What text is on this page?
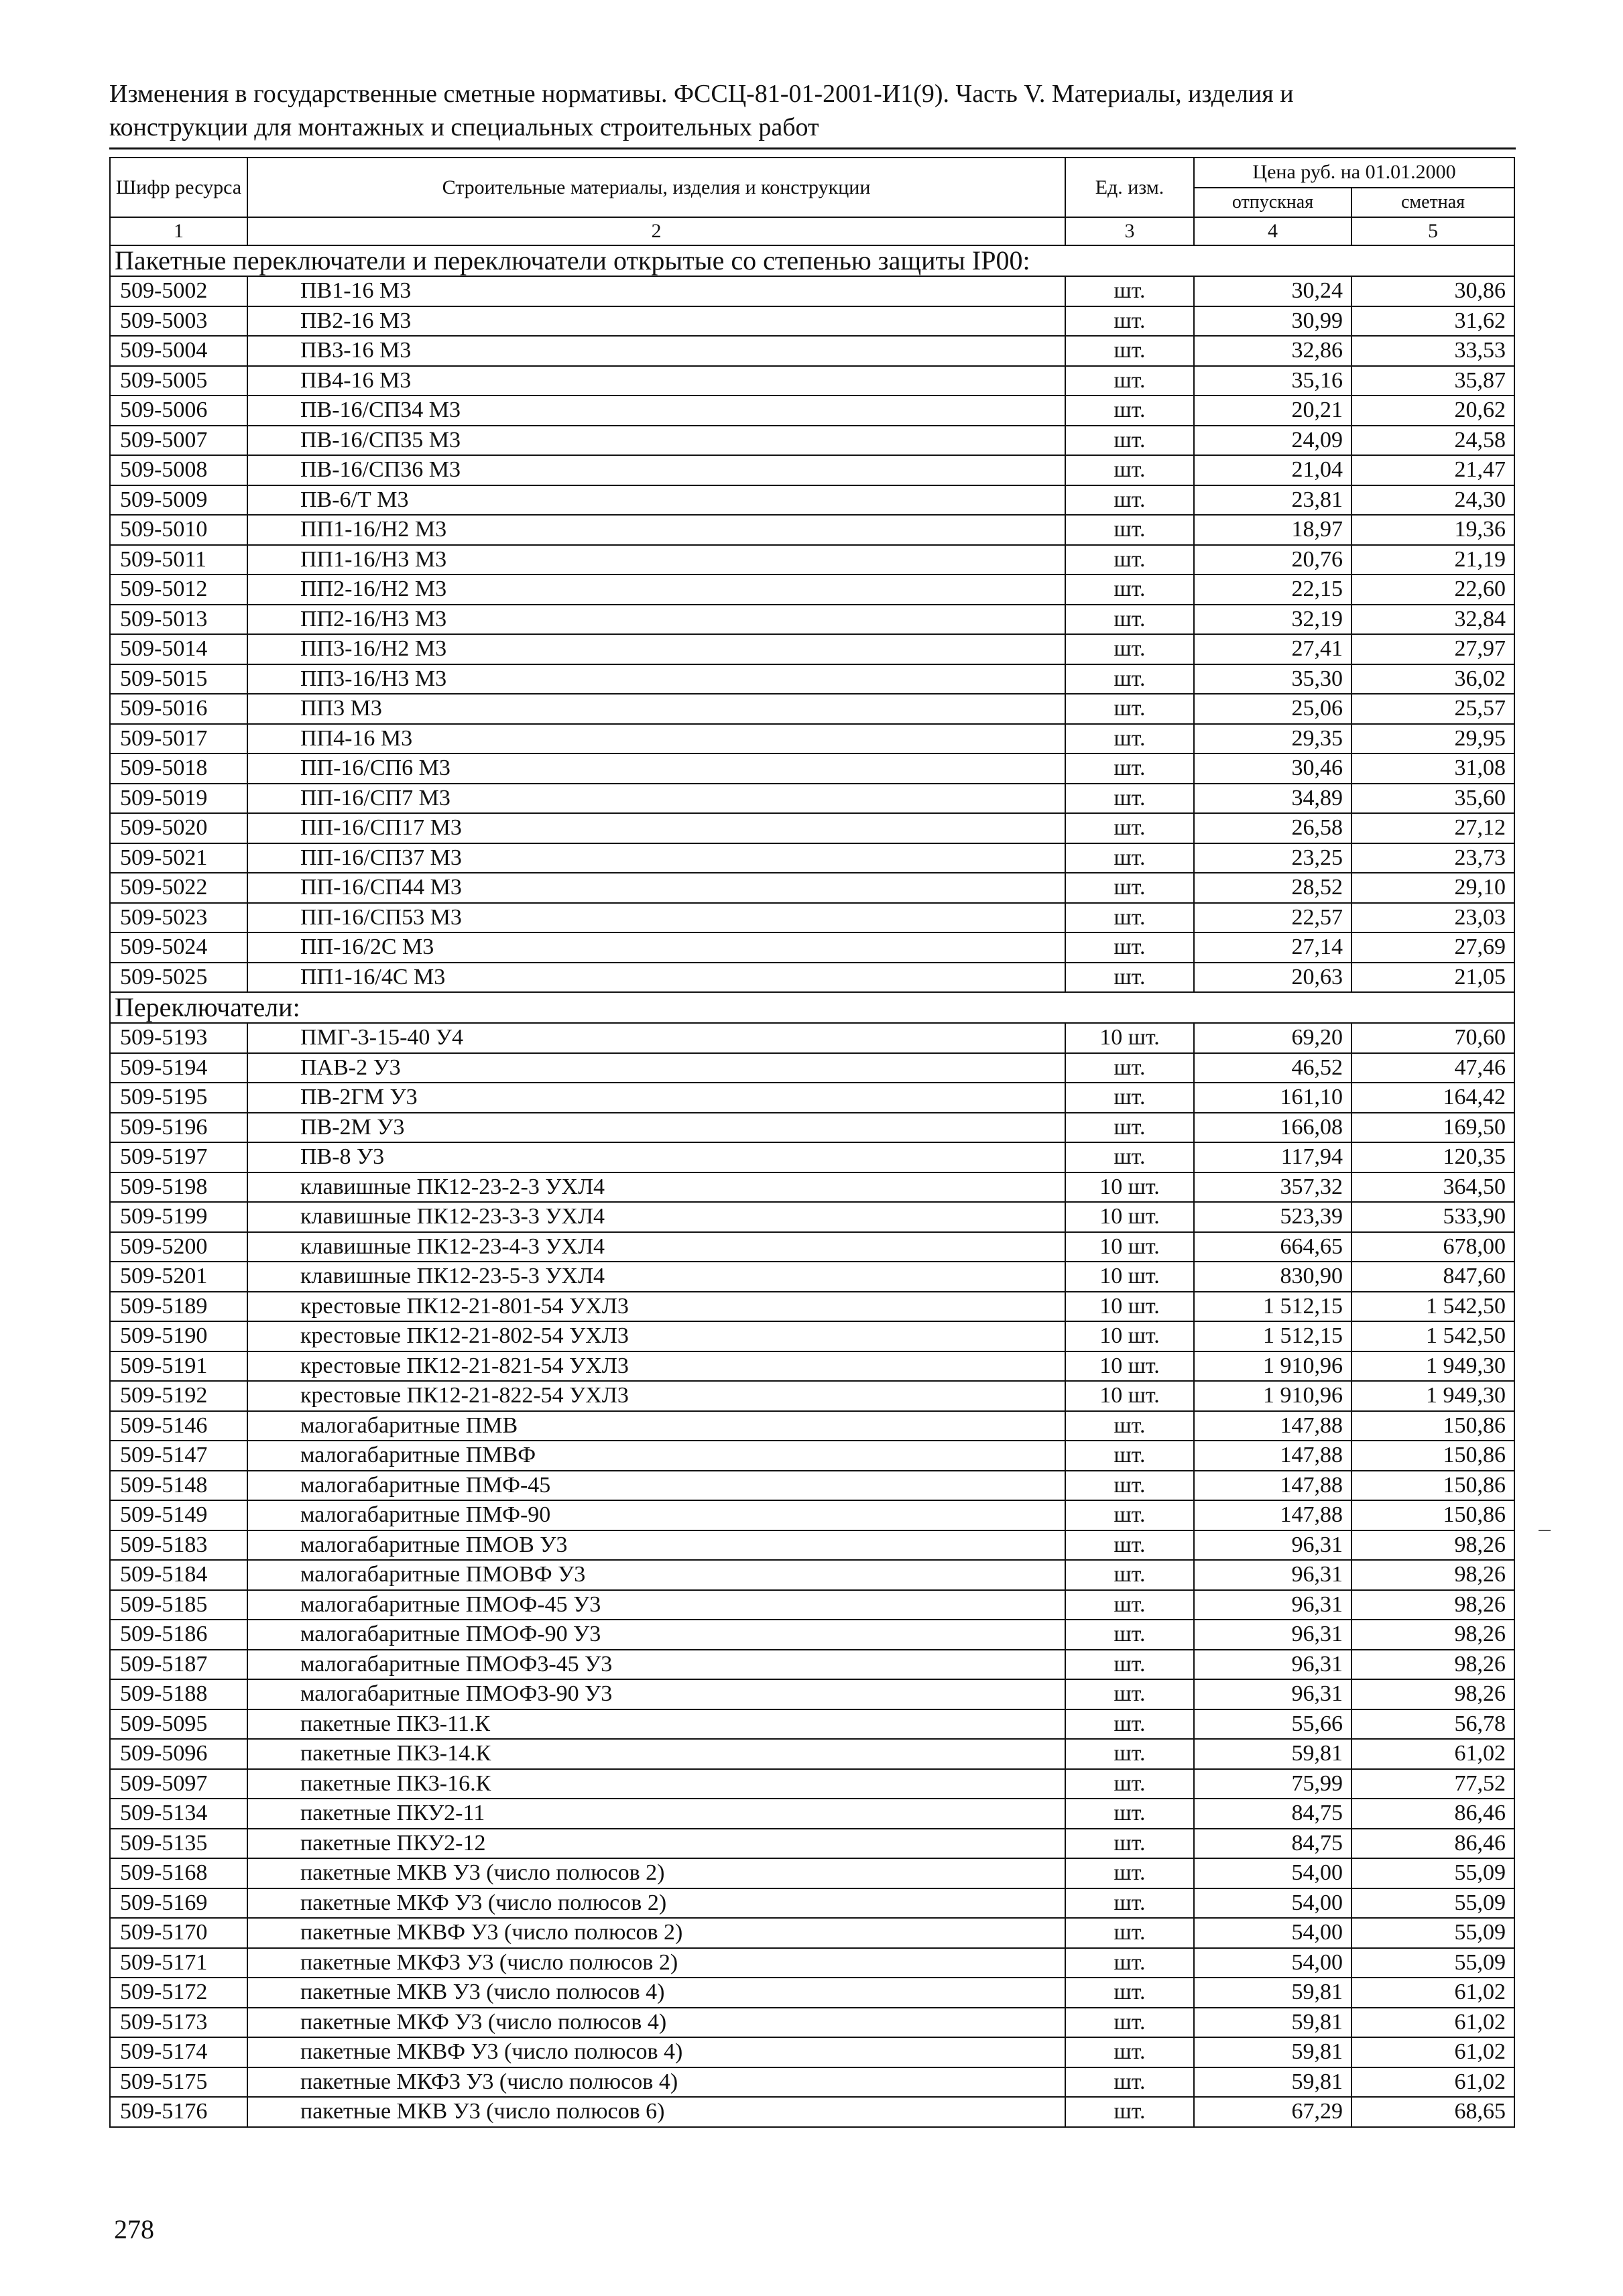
Изменения в государственные сметные нормативы. ФССЦ-81-01-2001-И1(9). Часть V. Материалы, изделия и
конструкции для монтажных и специальных строительных работ
Шифр ресурса	Строительные материалы, изделия и конструкции	Ед. изм.	Цена руб. на 01.01.2000	
			отпускная	сметная
1	2	3	4	5
Пакетные переключатели и переключатели открытые со степенью защиты IP00:				
509-5002	ПВ1-16 М3	шт.	30,24	30,86
509-5003	ПВ2-16 М3	шт.	30,99	31,62
509-5004	ПВ3-16 М3	шт.	32,86	33,53
509-5005	ПВ4-16 М3	шт.	35,16	35,87
509-5006	ПВ-16/СП34 М3	шт.	20,21	20,62
509-5007	ПВ-16/СП35 М3	шт.	24,09	24,58
509-5008	ПВ-16/СП36 М3	шт.	21,04	21,47
509-5009	ПВ-6/Т М3	шт.	23,81	24,30
509-5010	ПП1-16/Н2 М3	шт.	18,97	19,36
509-5011	ПП1-16/Н3 М3	шт.	20,76	21,19
509-5012	ПП2-16/Н2 М3	шт.	22,15	22,60
509-5013	ПП2-16/Н3 М3	шт.	32,19	32,84
509-5014	ПП3-16/Н2 М3	шт.	27,41	27,97
509-5015	ПП3-16/Н3 М3	шт.	35,30	36,02
509-5016	ПП3 М3	шт.	25,06	25,57
509-5017	ПП4-16 М3	шт.	29,35	29,95
509-5018	ПП-16/СП6 М3	шт.	30,46	31,08
509-5019	ПП-16/СП7 М3	шт.	34,89	35,60
509-5020	ПП-16/СП17 М3	шт.	26,58	27,12
509-5021	ПП-16/СП37 М3	шт.	23,25	23,73
509-5022	ПП-16/СП44 М3	шт.	28,52	29,10
509-5023	ПП-16/СП53 М3	шт.	22,57	23,03
509-5024	ПП-16/2С М3	шт.	27,14	27,69
509-5025	ПП1-16/4С М3	шт.	20,63	21,05
Переключатели:				
509-5193	ПМГ-3-15-40 У4	10 шт.	69,20	70,60
509-5194	ПАВ-2 У3	шт.	46,52	47,46
509-5195	ПВ-2ГМ У3	шт.	161,10	164,42
509-5196	ПВ-2М У3	шт.	166,08	169,50
509-5197	ПВ-8 У3	шт.	117,94	120,35
509-5198	клавишные ПК12-23-2-3 УХЛ4	10 шт.	357,32	364,50
509-5199	клавишные ПК12-23-3-3 УХЛ4	10 шт.	523,39	533,90
509-5200	клавишные ПК12-23-4-3 УХЛ4	10 шт.	664,65	678,00
509-5201	клавишные ПК12-23-5-3 УХЛ4	10 шт.	830,90	847,60
509-5189	крестовые ПК12-21-801-54 УХЛ3	10 шт.	1 512,15	1 542,50
509-5190	крестовые ПК12-21-802-54 УХЛ3	10 шт.	1 512,15	1 542,50
509-5191	крестовые ПК12-21-821-54 УХЛ3	10 шт.	1 910,96	1 949,30
509-5192	крестовые ПК12-21-822-54 УХЛ3	10 шт.	1 910,96	1 949,30
509-5146	малогабаритные ПМВ	шт.	147,88	150,86
509-5147	малогабаритные ПМВФ	шт.	147,88	150,86
509-5148	малогабаритные ПМФ-45	шт.	147,88	150,86
509-5149	малогабаритные ПМФ-90	шт.	147,88	150,86
509-5183	малогабаритные ПМОВ У3	шт.	96,31	98,26
509-5184	малогабаритные ПМОВФ У3	шт.	96,31	98,26
509-5185	малогабаритные ПМОФ-45 У3	шт.	96,31	98,26
509-5186	малогабаритные ПМОФ-90 У3	шт.	96,31	98,26
509-5187	малогабаритные ПМОФ3-45 У3	шт.	96,31	98,26
509-5188	малогабаритные ПМОФ3-90 У3	шт.	96,31	98,26
509-5095	пакетные ПК3-11.К	шт.	55,66	56,78
509-5096	пакетные ПК3-14.К	шт.	59,81	61,02
509-5097	пакетные ПК3-16.К	шт.	75,99	77,52
509-5134	пакетные ПКУ2-11	шт.	84,75	86,46
509-5135	пакетные ПКУ2-12	шт.	84,75	86,46
509-5168	пакетные МКВ У3 (число полюсов 2)	шт.	54,00	55,09
509-5169	пакетные МКФ У3 (число полюсов 2)	шт.	54,00	55,09
509-5170	пакетные МКВФ У3 (число полюсов 2)	шт.	54,00	55,09
509-5171	пакетные МКФ3 У3 (число полюсов 2)	шт.	54,00	55,09
509-5172	пакетные МКВ У3 (число полюсов 4)	шт.	59,81	61,02
509-5173	пакетные МКФ У3 (число полюсов 4)	шт.	59,81	61,02
509-5174	пакетные МКВФ У3 (число полюсов 4)	шт.	59,81	61,02
509-5175	пакетные МКФ3 У3 (число полюсов 4)	шт.	59,81	61,02
509-5176	пакетные МКВ У3 (число полюсов 6)	шт.	67,29	68,65
278
